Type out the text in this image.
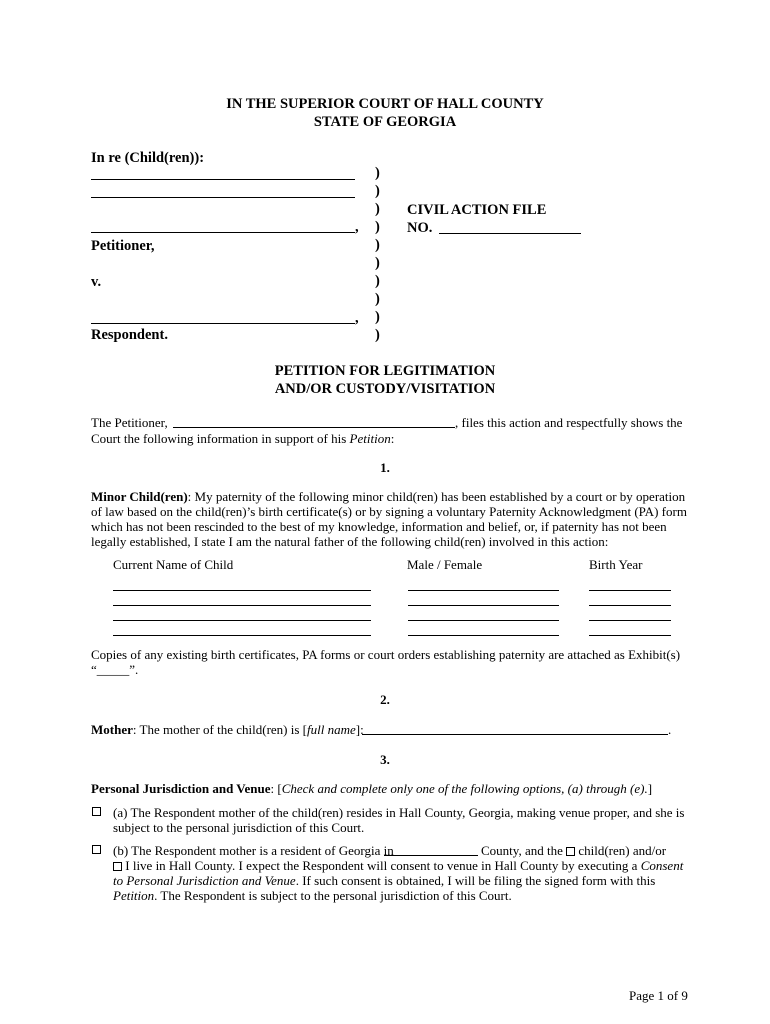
IN THE SUPERIOR COURT OF HALL COUNTY
STATE OF GEORGIA
In re (Child(ren)):
,
Petitioner,
v.
,
Respondent.
)
)
)
)
)
)
)
)
)
)
CIVIL ACTION FILE
NO.
PETITION FOR LEGITIMATION
AND/OR CUSTODY/VISITATION
The Petitioner,	, files this action and respectfully shows the
Court the following information in support of his Petition:
1.
Minor Child(ren): My paternity of the following minor child(ren) has been established by a court or by operation
of law based on the child(ren)’s birth certificate(s) or by signing a voluntary Paternity Acknowledgment (PA) form
which has not been rescinded to the best of my knowledge, information and belief, or, if paternity has not been
legally established, I state I am the natural father of the following child(ren) involved in this action:
Current Name of Child	Male / Female	Birth Year
Copies of any existing birth certificates, PA forms or court orders establishing paternity are attached as Exhibit(s)
“_____”.
2.
Mother: The mother of the child(ren) is [full name]:	.
3.
Personal Jurisdiction and Venue: [Check and complete only one of the following options, (a) through (e).]
(a) The Respondent mother of the child(ren) resides in Hall County, Georgia, making venue proper, and she is
subject to the personal jurisdiction of this Court.
(b) The Respondent mother is a resident of Georgia in	County, and the child(ren) and/or
I live in Hall County. I expect the Respondent will consent to venue in Hall County by executing a Consent
to Personal Jurisdiction and Venue. If such consent is obtained, I will be filing the signed form with this
Petition. The Respondent is subject to the personal jurisdiction of this Court.
Page 1 of 9
